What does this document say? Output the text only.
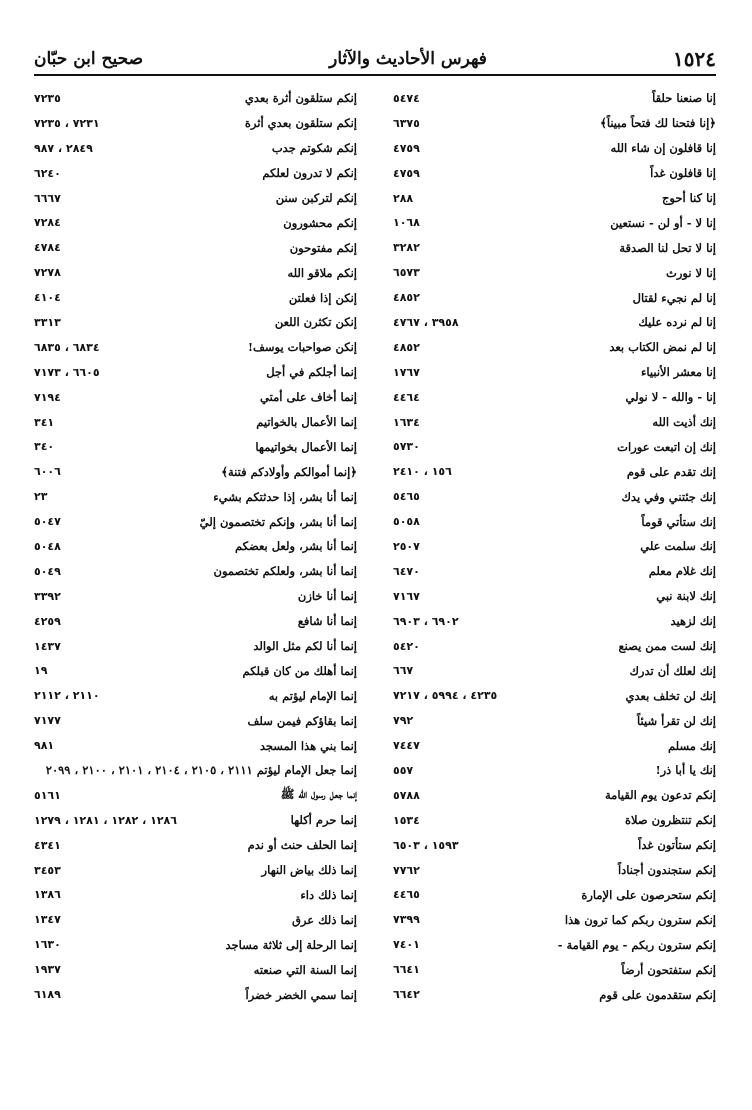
١٥٢٤
فهرس الأحاديث والآثار
صحيح ابن حبّان
إنا صنعنا حلقاً
٥٤٧٤
﴿إنا فتحنا لك فتحاً مبيناً﴾
٦٣٧٥
إنا قافلون إن شاء الله
٤٧٥٩
إنا قافلون غداً
٤٧٥٩
إنا كنا أحوج
٢٨٨
إنا لا - أو لن - نستعين
١٠٦٨
إنا لا تحل لنا الصدقة
٣٢٨٢
إنا لا نورث
٦٥٧٣
إنا لم نجيء لقتال
٤٨٥٢
إنا لم نرده عليك
٣٩٥٨ ، ٤٧٦٧
إنا لم نمض الكتاب بعد
٤٨٥٢
إنا معشر الأنبياء
١٧٦٧
إنا - والله - لا نولي
٤٤٦٤
إنك أذيت الله
١٦٣٤
إنك إن اتبعت عورات
٥٧٣٠
إنك تقدم على قوم
١٥٦ ، ٢٤١٠
إنك جئتني وفي يدك
٥٤٦٥
إنك ستأتي قوماً
٥٠٥٨
إنك سلمت علي
٢٥٠٧
إنك غلام معلم
٦٤٧٠
إنك لابنة نبي
٧١٦٧
إنك لزهيد
٦٩٠٢ ، ٦٩٠٣
إنك لست ممن يصنع
٥٤٢٠
إنك لعلك أن تدرك
٦٦٧
إنك لن تخلف بعدي
٤٢٣٥ ، ٥٩٩٤ ، ٧٢١٧
إنك لن تقرأ شيئاً
٧٩٢
إنك مسلم
٧٤٤٧
إنك يا أبا ذر!
٥٥٧
إنكم تدعون يوم القيامة
٥٧٨٨
إنكم تنتظرون صلاة
١٥٣٤
إنكم ستأتون غداً
١٥٩٣ ، ٦٥٠٣
إنكم ستجندون أجناداً
٧٧٦٢
إنكم ستحرصون على الإمارة
٤٤٦٥
إنكم سترون ربكم كما ترون هذا
٧٣٩٩
إنكم سترون ربكم - يوم القيامة -
٧٤٠١
إنكم ستفتحون أرضاً
٦٦٤١
إنكم ستقدمون على قوم
٦٦٤٢
إنكم ستلقون أثرة بعدي
٧٢٣٥
إنكم ستلقون بعدي أثرة
٧٢٣١ ، ٧٢٣٥
إنكم شكوتم جدب
٢٨٤٩ ، ٩٨٧
إنكم لا تدرون لعلكم
٦٢٤٠
إنكم لتركبن سنن
٦٦٦٧
إنكم محشورون
٧٢٨٤
إنكم مفتوحون
٤٧٨٤
إنكم ملاقو الله
٧٢٧٨
إنكن إذا فعلتن
٤١٠٤
إنكن تكثرن اللعن
٣٣١٣
إنكن صواحبات يوسف!
٦٨٣٤ ، ٦٨٣٥
إنما أجلكم في أجل
٦٦٠٥ ، ٧١٧٣
إنما أخاف على أمتي
٧١٩٤
إنما الأعمال بالخواتيم
٣٤١
إنما الأعمال بخواتيمها
٣٤٠
﴿إنما أموالكم وأولادكم فتنة﴾
٦٠٠٦
إنما أنا بشر، إذا حدثتكم بشيء
٢٣
إنما أنا بشر، وإنكم تختصمون إليّ
٥٠٤٧
إنما أنا بشر، ولعل بعضكم
٥٠٤٨
إنما أنا بشر، ولعلكم تختصمون
٥٠٤٩
إنما أنا خازن
٣٣٩٢
إنما أنا شافع
٤٢٥٩
إنما أنا لكم مثل الوالد
١٤٣٧
إنما أهلك من كان قبلكم
١٩
إنما الإمام ليؤتم به
٢١١٠ ، ٢١١٢
إنما بقاؤكم فيمن سلف
٧١٧٧
إنما بني هذا المسجد
٩٨١
إنما جعل الإمام ليؤتم ٢١١١ ، ٢١٠٥ ، ٢١٠٤ ، ٢١٠١ ، ٢١٠٠ ، ٢٠٩٩
إنما جعل رسول الله ﷺ
٥١٦١
إنما حرم أكلها
١٢٨٦ ، ١٢٨٢ ، ١٢٨١ ، ١٢٧٩
إنما الحلف حنث أو ندم
٤٣٤١
إنما ذلك بياض النهار
٣٤٥٣
إنما ذلك داء
١٣٨٦
إنما ذلك عرق
١٣٤٧
إنما الرحلة إلى ثلاثة مساجد
١٦٣٠
إنما السنة التي صنعته
١٩٣٧
إنما سمي الخضر خضراً
٦١٨٩
